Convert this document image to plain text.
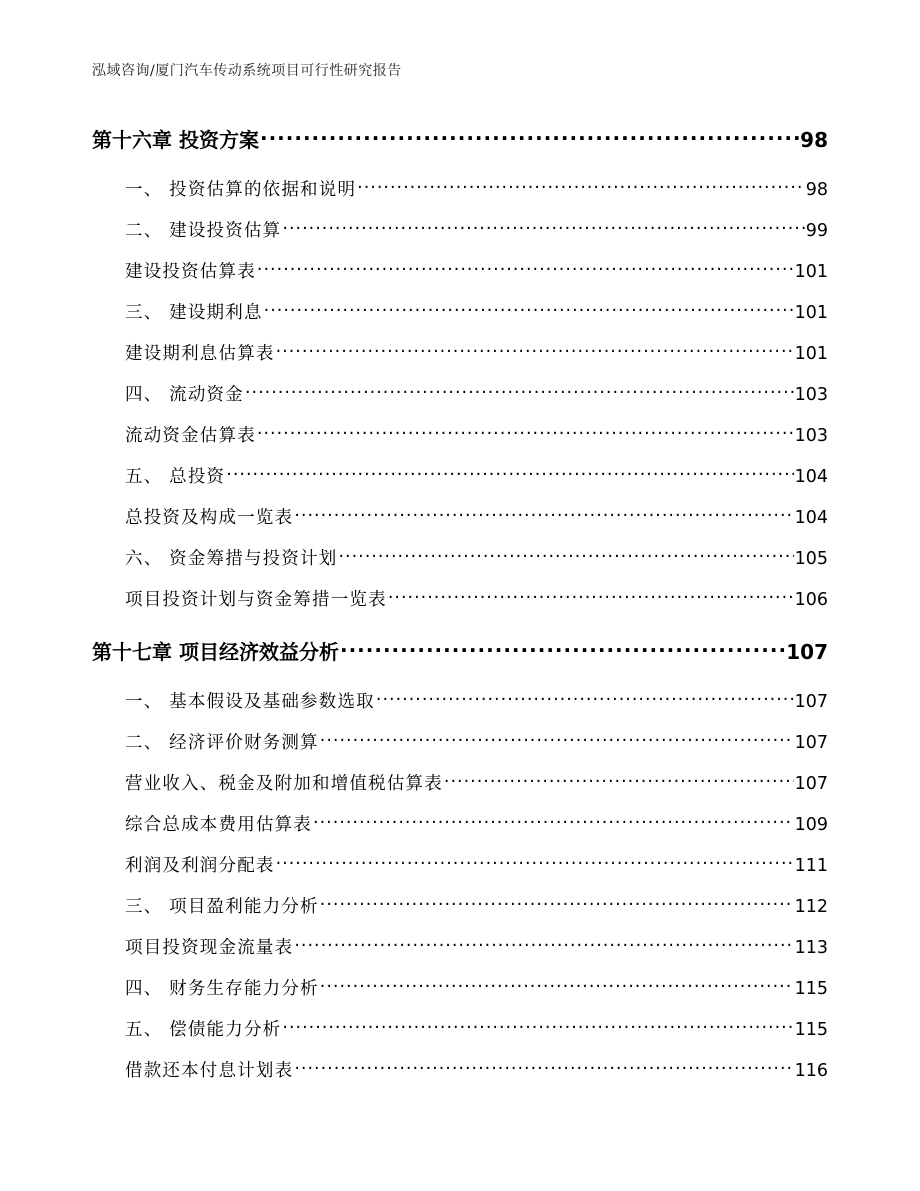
泓域咨询/厦门汽车传动系统项目可行性研究报告
第十六章 投资方案 .....	98
一、 投资估算的依据和说明 .....	98
二、 建设投资估算 .....	99
建设投资估算表 .....	101
三、 建设期利息 .....	101
建设期利息估算表 .....	101
四、 流动资金 .....	103
流动资金估算表 .....	103
五、 总投资 .....	104
总投资及构成一览表 .....	104
六、 资金筹措与投资计划 .....	105
项目投资计划与资金筹措一览表 .....	106
第十七章 项目经济效益分析 .....	107
一、 基本假设及基础参数选取 .....	107
二、 经济评价财务测算 .....	107
营业收入、税金及附加和增值税估算表 .....	107
综合总成本费用估算表 .....	109
利润及利润分配表 .....	111
三、 项目盈利能力分析 .....	112
项目投资现金流量表 .....	113
四、 财务生存能力分析 .....	115
五、 偿债能力分析 .....	115
借款还本付息计划表 .....	116
